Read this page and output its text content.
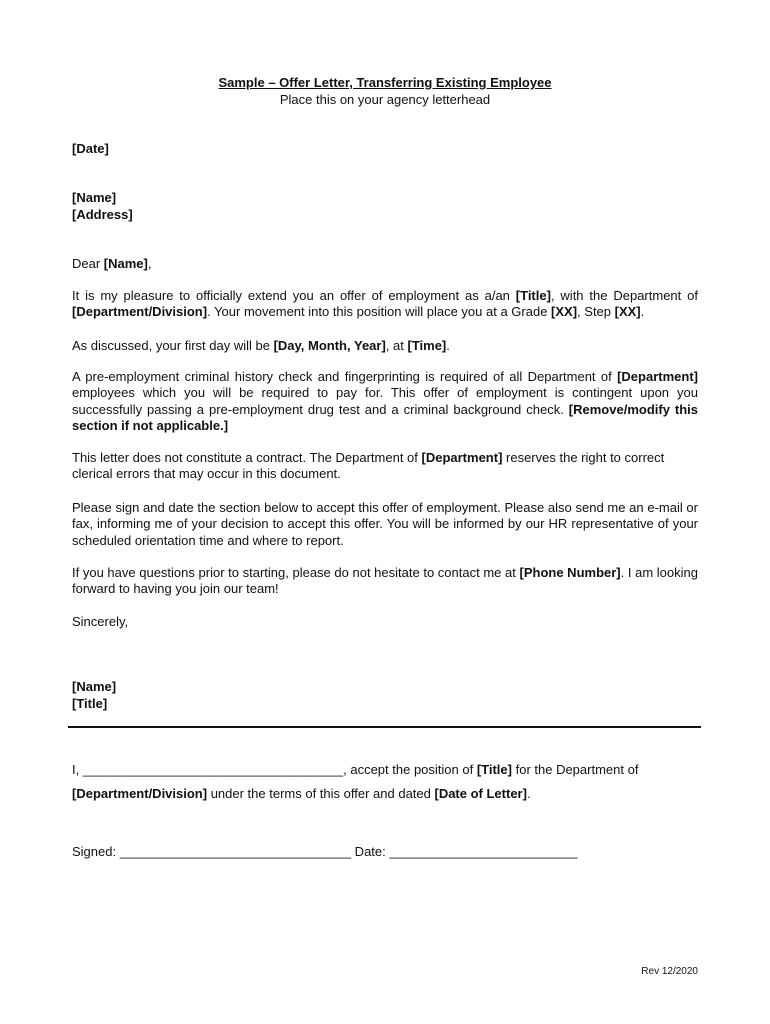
Sample – Offer Letter, Transferring Existing Employee
Place this on your agency letterhead
[Date]
[Name]
[Address]
Dear [Name],
It is my pleasure to officially extend you an offer of employment as a/an [Title], with the Department of [Department/Division]. Your movement into this position will place you at a Grade [XX], Step [XX].
As discussed, your first day will be [Day, Month, Year], at [Time].
A pre-employment criminal history check and fingerprinting is required of all Department of [Department] employees which you will be required to pay for. This offer of employment is contingent upon you successfully passing a pre-employment drug test and a criminal background check. [Remove/modify this section if not applicable.]
This letter does not constitute a contract. The Department of [Department] reserves the right to correct clerical errors that may occur in this document.
Please sign and date the section below to accept this offer of employment. Please also send me an e-mail or fax, informing me of your decision to accept this offer. You will be informed by our HR representative of your scheduled orientation time and where to report.
If you have questions prior to starting, please do not hesitate to contact me at [Phone Number]. I am looking forward to having you join our team!
Sincerely,
[Name]
[Title]
I, ____________________________________, accept the position of [Title] for the Department of
[Department/Division] under the terms of this offer and dated [Date of Letter].
Signed: ________________________________ Date: __________________________
Rev 12/2020
